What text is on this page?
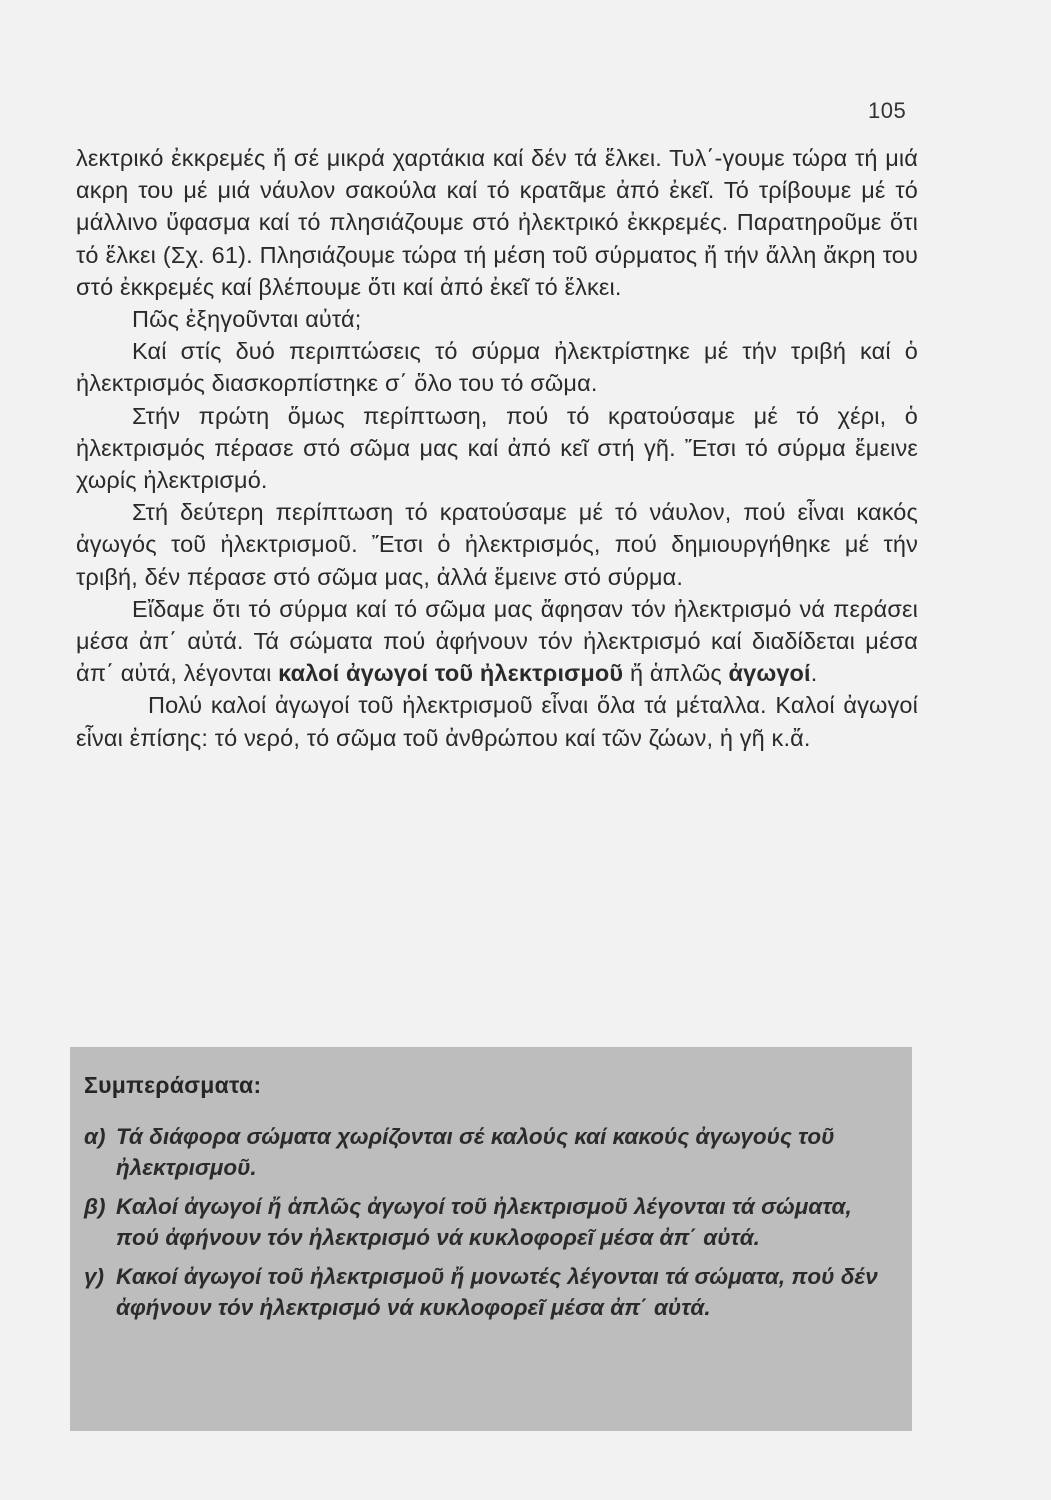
105

λεκτρικό ἐκκρεμές ἤ σέ μικρά χαρτάκια καί δέν τά ἕλκει. Τυλ΄-γουμε τώρα τή μιά ακρη του μέ μιά νάυλον σακούλα καί τό κρατᾶμε ἀπό ἐκεῖ. Τό τρίβουμε μέ τό μάλλινο ὕφασμα καί τό πλησιάζουμε στό ἠλεκτρικό ἐκκρεμές. Παρατηροῦμε ὅτι τό ἕλκει (Σχ. 61). Πλησιάζουμε τώρα τή μέση τοῦ σύρματος ἤ τήν ἄλλη ἄκρη του στό ἐκκρεμές καί βλέπουμε ὅτι καί ἀπό ἐκεῖ τό ἕλκει.

Πῶς ἐξηγοῦνται αὐτά;

Καί στίς δυό περιπτώσεις τό σύρμα ἠλεκτρίστηκε μέ τήν τριβή καί ὁ ἠλεκτρισμός διασκορπίστηκε σ΄ ὅλο του τό σῶμα.

Στήν πρώτη ὅμως περίπτωση, πού τό κρατούσαμε μέ τό χέρι, ὁ ἠλεκτρισμός πέρασε στό σῶμα μας καί ἀπό κεῖ στή γῆ. Ἔτσι τό σύρμα ἔμεινε χωρίς ἠλεκτρισμό.

Στή δεύτερη περίπτωση τό κρατούσαμε μέ τό νάυλον, πού εἶναι κακός ἀγωγός τοῦ ἠλεκτρισμοῦ. Ἔτσι ὁ ἠλεκτρισμός, πού δημιουργήθηκε μέ τήν τριβή, δέν πέρασε στό σῶμα μας, ἀλλά ἔμεινε στό σύρμα.

Εἴδαμε ὅτι τό σύρμα καί τό σῶμα μας ἄφησαν τόν ἠλεκτρισμό νά περάσει μέσα ἀπ΄ αὐτά. Τά σώματα πού ἀφήνουν τόν ἠλεκτρισμό καί διαδίδεται μέσα ἀπ΄ αὐτά, λέγονται καλοί ἀγωγοί τοῦ ἠλεκτρισμοῦ ἤ ἁπλῶς ἀγωγοί.

Πολύ καλοί ἀγωγοί τοῦ ἠλεκτρισμοῦ εἶναι ὅλα τά μέταλλα. Καλοί ἀγωγοί εἶναι ἐπίσης: τό νερό, τό σῶμα τοῦ ἀνθρώπου καί τῶν ζώων, ἡ γῆ κ.ἄ.

Συμπεράσματα:
α) Τά διάφορα σώματα χωρίζονται σέ καλούς καί κακούς ἀγωγούς τοῦ ἠλεκτρισμοῦ.
β) Καλοί ἀγωγοί ἤ ἁπλῶς ἀγωγοί τοῦ ἠλεκτρισμοῦ λέγονται τά σώματα, πού ἀφήνουν τόν ἠλεκτρισμό νά κυκλοφορεῖ μέσα ἀπ΄ αὐτά.
γ) Κακοί ἀγωγοί τοῦ ἠλεκτρισμοῦ ἤ μονωτές λέγονται τά σώματα, πού δέν ἀφήνουν τόν ἠλεκτρισμό νά κυκλοφορεῖ μέσα ἀπ΄ αὐτά.
